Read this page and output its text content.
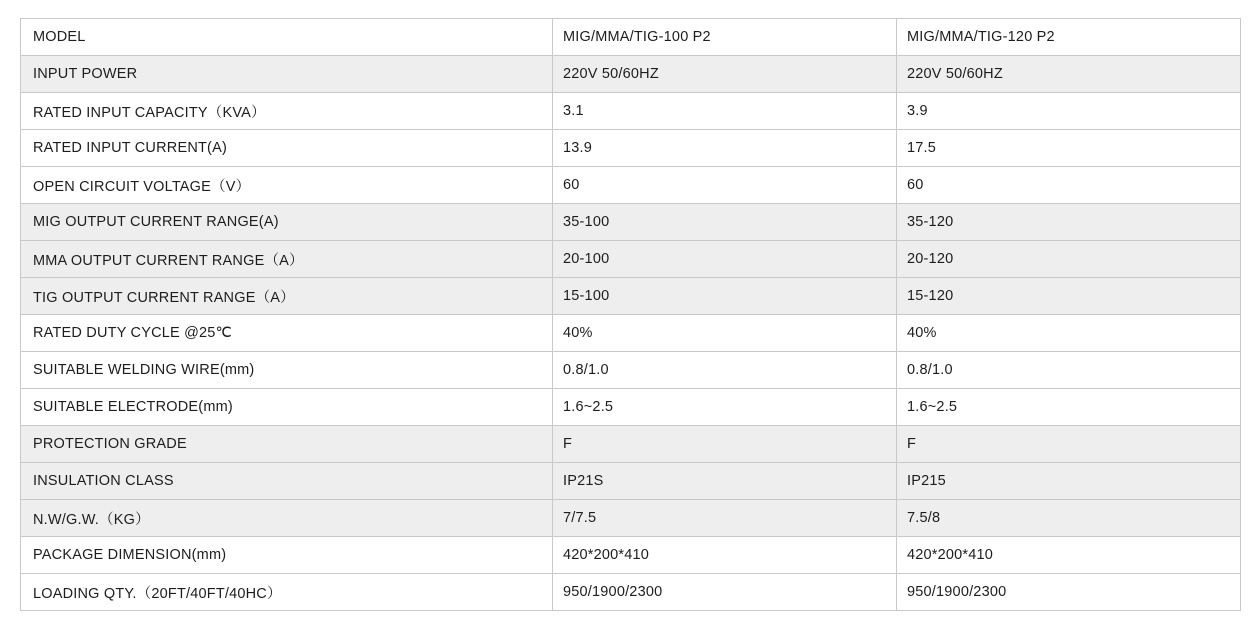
MODEL	MIG/MMA/TIG-100 P2	MIG/MMA/TIG-120 P2
INPUT POWER	220V 50/60HZ	220V 50/60HZ
RATED INPUT CAPACITY（KVA）	3.1	3.9
RATED INPUT CURRENT(A)	13.9	17.5
OPEN CIRCUIT VOLTAGE（V）	60	60
MIG OUTPUT CURRENT RANGE(A)	35-100	35-120
MMA OUTPUT CURRENT RANGE（A）	20-100	20-120
TIG OUTPUT CURRENT RANGE（A）	15-100	15-120
RATED DUTY CYCLE @25℃	40%	40%
SUITABLE WELDING WIRE(mm)	0.8/1.0	0.8/1.0
SUITABLE ELECTRODE(mm)	1.6~2.5	1.6~2.5
PROTECTION GRADE	F	F
INSULATION CLASS	IP21S	IP215
N.W/G.W.（KG）	7/7.5	7.5/8
PACKAGE DIMENSION(mm)	420*200*410	420*200*410
LOADING QTY.（20FT/40FT/40HC）	950/1900/2300	950/1900/2300
